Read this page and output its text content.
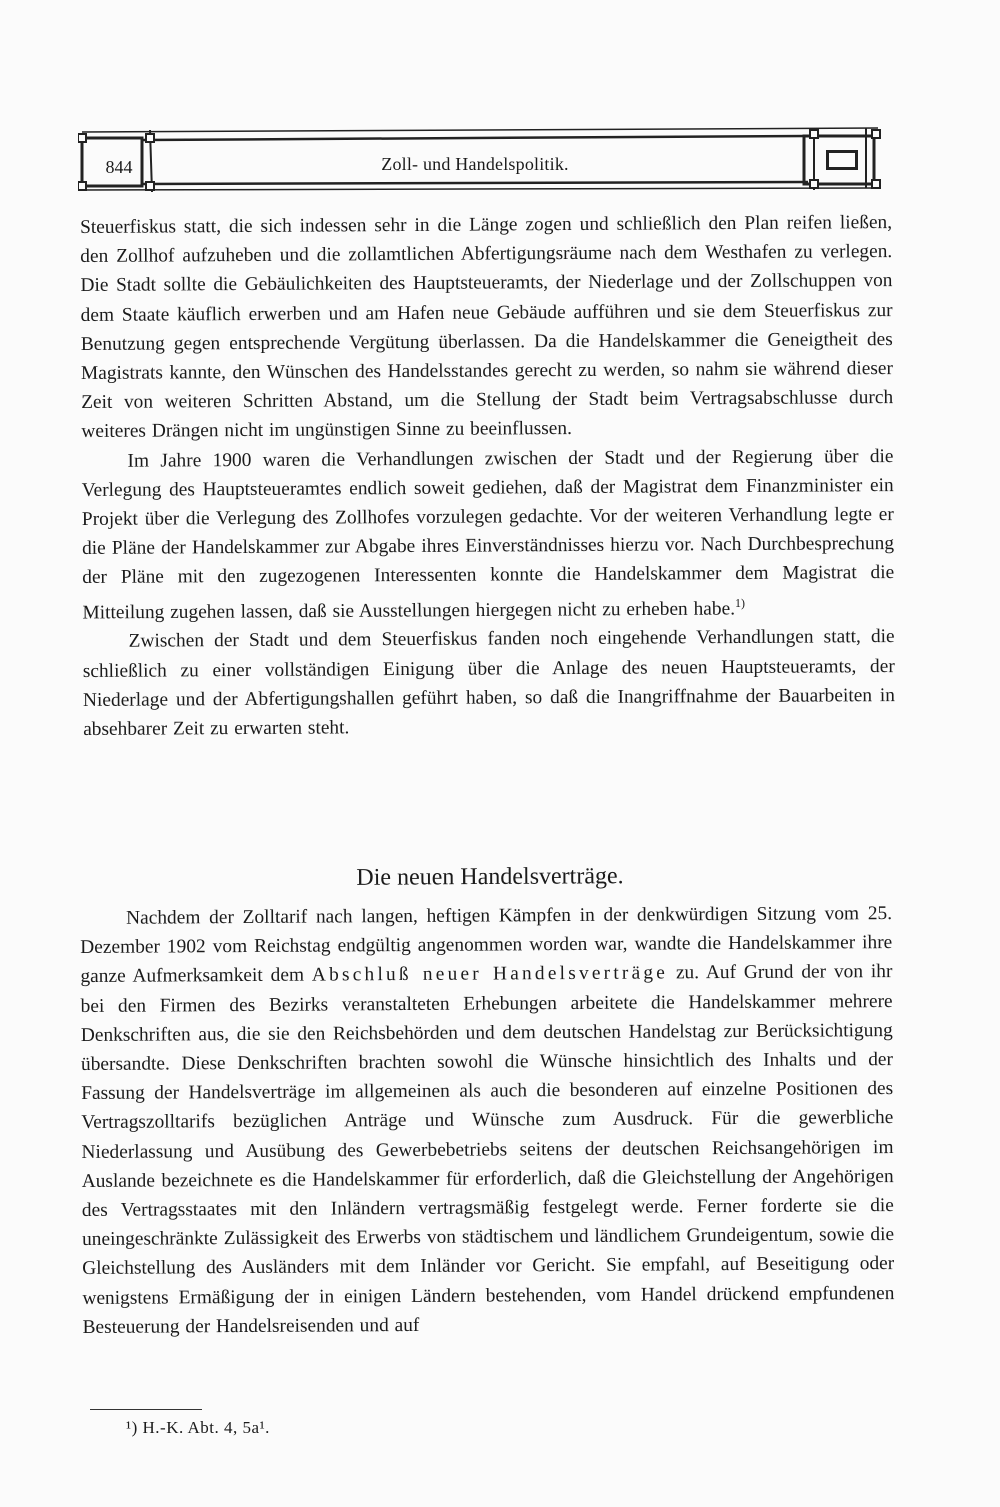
844	Zoll- und Handelspolitik.

Steuerfiskus statt, die sich indessen sehr in die Länge zogen und schließlich den Plan reifen ließen, den Zollhof aufzuheben und die zollamtlichen Abfertigungsräume nach dem Westhafen zu verlegen. Die Stadt sollte die Gebäulichkeiten des Hauptsteueramts, der Niederlage und der Zollschuppen von dem Staate käuflich erwerben und am Hafen neue Gebäude aufführen und sie dem Steuerfiskus zur Benutzung gegen entsprechende Vergütung überlassen. Da die Handelskammer die Geneigtheit des Magistrats kannte, den Wünschen des Handelsstandes gerecht zu werden, so nahm sie während dieser Zeit von weiteren Schritten Abstand, um die Stellung der Stadt beim Vertragsabschlusse durch weiteres Drängen nicht im ungünstigen Sinne zu beeinflussen.

Im Jahre 1900 waren die Verhandlungen zwischen der Stadt und der Regierung über die Verlegung des Hauptsteueramtes endlich soweit gediehen, daß der Magistrat dem Finanzminister ein Projekt über die Verlegung des Zollhofes vorzulegen gedachte. Vor der weiteren Verhandlung legte er die Pläne der Handelskammer zur Abgabe ihres Einverständnisses hierzu vor. Nach Durchbesprechung der Pläne mit den zugezogenen Interessenten konnte die Handelskammer dem Magistrat die Mitteilung zugehen lassen, daß sie Ausstellungen hiergegen nicht zu erheben habe.$^{1)}$

Zwischen der Stadt und dem Steuerfiskus fanden noch eingehende Verhandlungen statt, die schließlich zu einer vollständigen Einigung über die Anlage des neuen Hauptsteueramts, der Niederlage und der Abfertigungshallen geführt haben, so daß die Inangriffnahme der Bauarbeiten in absehbarer Zeit zu erwarten steht.

Die neuen Handelsverträge.

Nachdem der Zolltarif nach langen, heftigen Kämpfen in der denkwürdigen Sitzung vom 25. Dezember 1902 vom Reichstag endgültig angenommen worden war, wandte die Handelskammer ihre ganze Aufmerksamkeit dem Abschluß neuer Handelsverträge zu. Auf Grund der von ihr bei den Firmen des Bezirks veranstalteten Erhebungen arbeitete die Handelskammer mehrere Denkschriften aus, die sie den Reichsbehörden und dem deutschen Handelstag zur Berücksichtigung übersandte. Diese Denkschriften brachten sowohl die Wünsche hinsichtlich des Inhalts und der Fassung der Handelsverträge im allgemeinen als auch die besonderen auf einzelne Positionen des Vertragszolltarifs bezüglichen Anträge und Wünsche zum Ausdruck. Für die gewerbliche Niederlassung und Ausübung des Gewerbebetriebs seitens der deutschen Reichsangehörigen im Auslande bezeichnete es die Handelskammer für erforderlich, daß die Gleichstellung der Angehörigen des Vertragsstaates mit den Inländern vertragsmäßig festgelegt werde. Ferner forderte sie die uneingeschränkte Zulässigkeit des Erwerbs von städtischem und ländlichem Grundeigentum, sowie die Gleichstellung des Ausländers mit dem Inländer vor Gericht. Sie empfahl, auf Beseitigung oder wenigstens Ermäßigung der in einigen Ländern bestehenden, vom Handel drückend empfundenen Besteuerung der Handelsreisenden und auf

¹) H.-K. Abt. 4, 5a¹.
